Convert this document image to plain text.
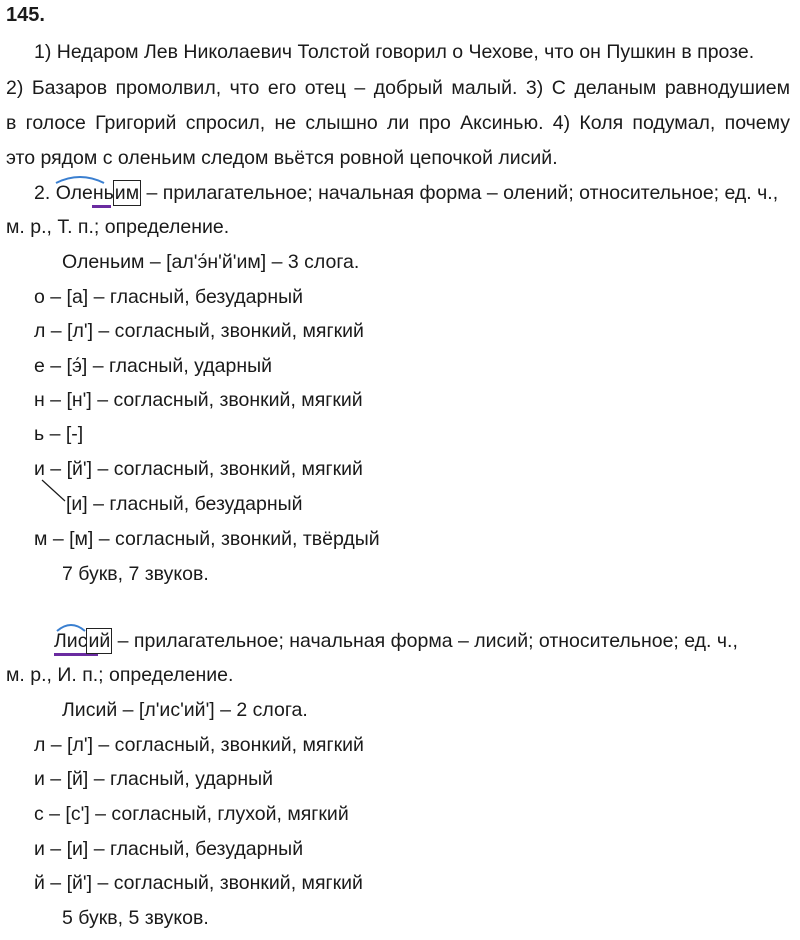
145.
1) Недаром Лев Николаевич Толстой говорил о Чехове, что он Пушкин в прозе.
2) Базаров промолвил, что его отец – добрый малый. 3) С деланым равнодушием
в голосе Григорий спросил, не слышно ли про Аксинью. 4) Коля подумал, почему
это рядом с оленьим следом вьётся ровной цепочкой лисий.
2. Олень
им – прилагательное; начальная форма – олений; относительное; ед. ч.,
м. р., Т. п.; определение.
Оленьим – [ал'э́н'й'им] – 3 слога.
о – [а] – гласный, безударный
л – [л'] – согласный, звонкий, мягкий
е – [э́] – гласный, ударный
н – [н'] – согласный, звонкий, мягкий
ь – [-]
и – [й'] – согласный, звонкий, мягкий
[и] – гласный, безударный
м – [м] – согласный, звонкий, твёрдый
7 букв, 7 звуков.
Лис
ий – прилагательное; начальная форма – лисий; относительное; ед. ч.,
м. р., И. п.; определение.
Лисий – [л'ис'ий'] – 2 слога.
л – [л'] – согласный, звонкий, мягкий
и – [й] – гласный, ударный
с – [с'] – согласный, глухой, мягкий
и – [и] – гласный, безударный
й – [й'] – согласный, звонкий, мягкий
5 букв, 5 звуков.
